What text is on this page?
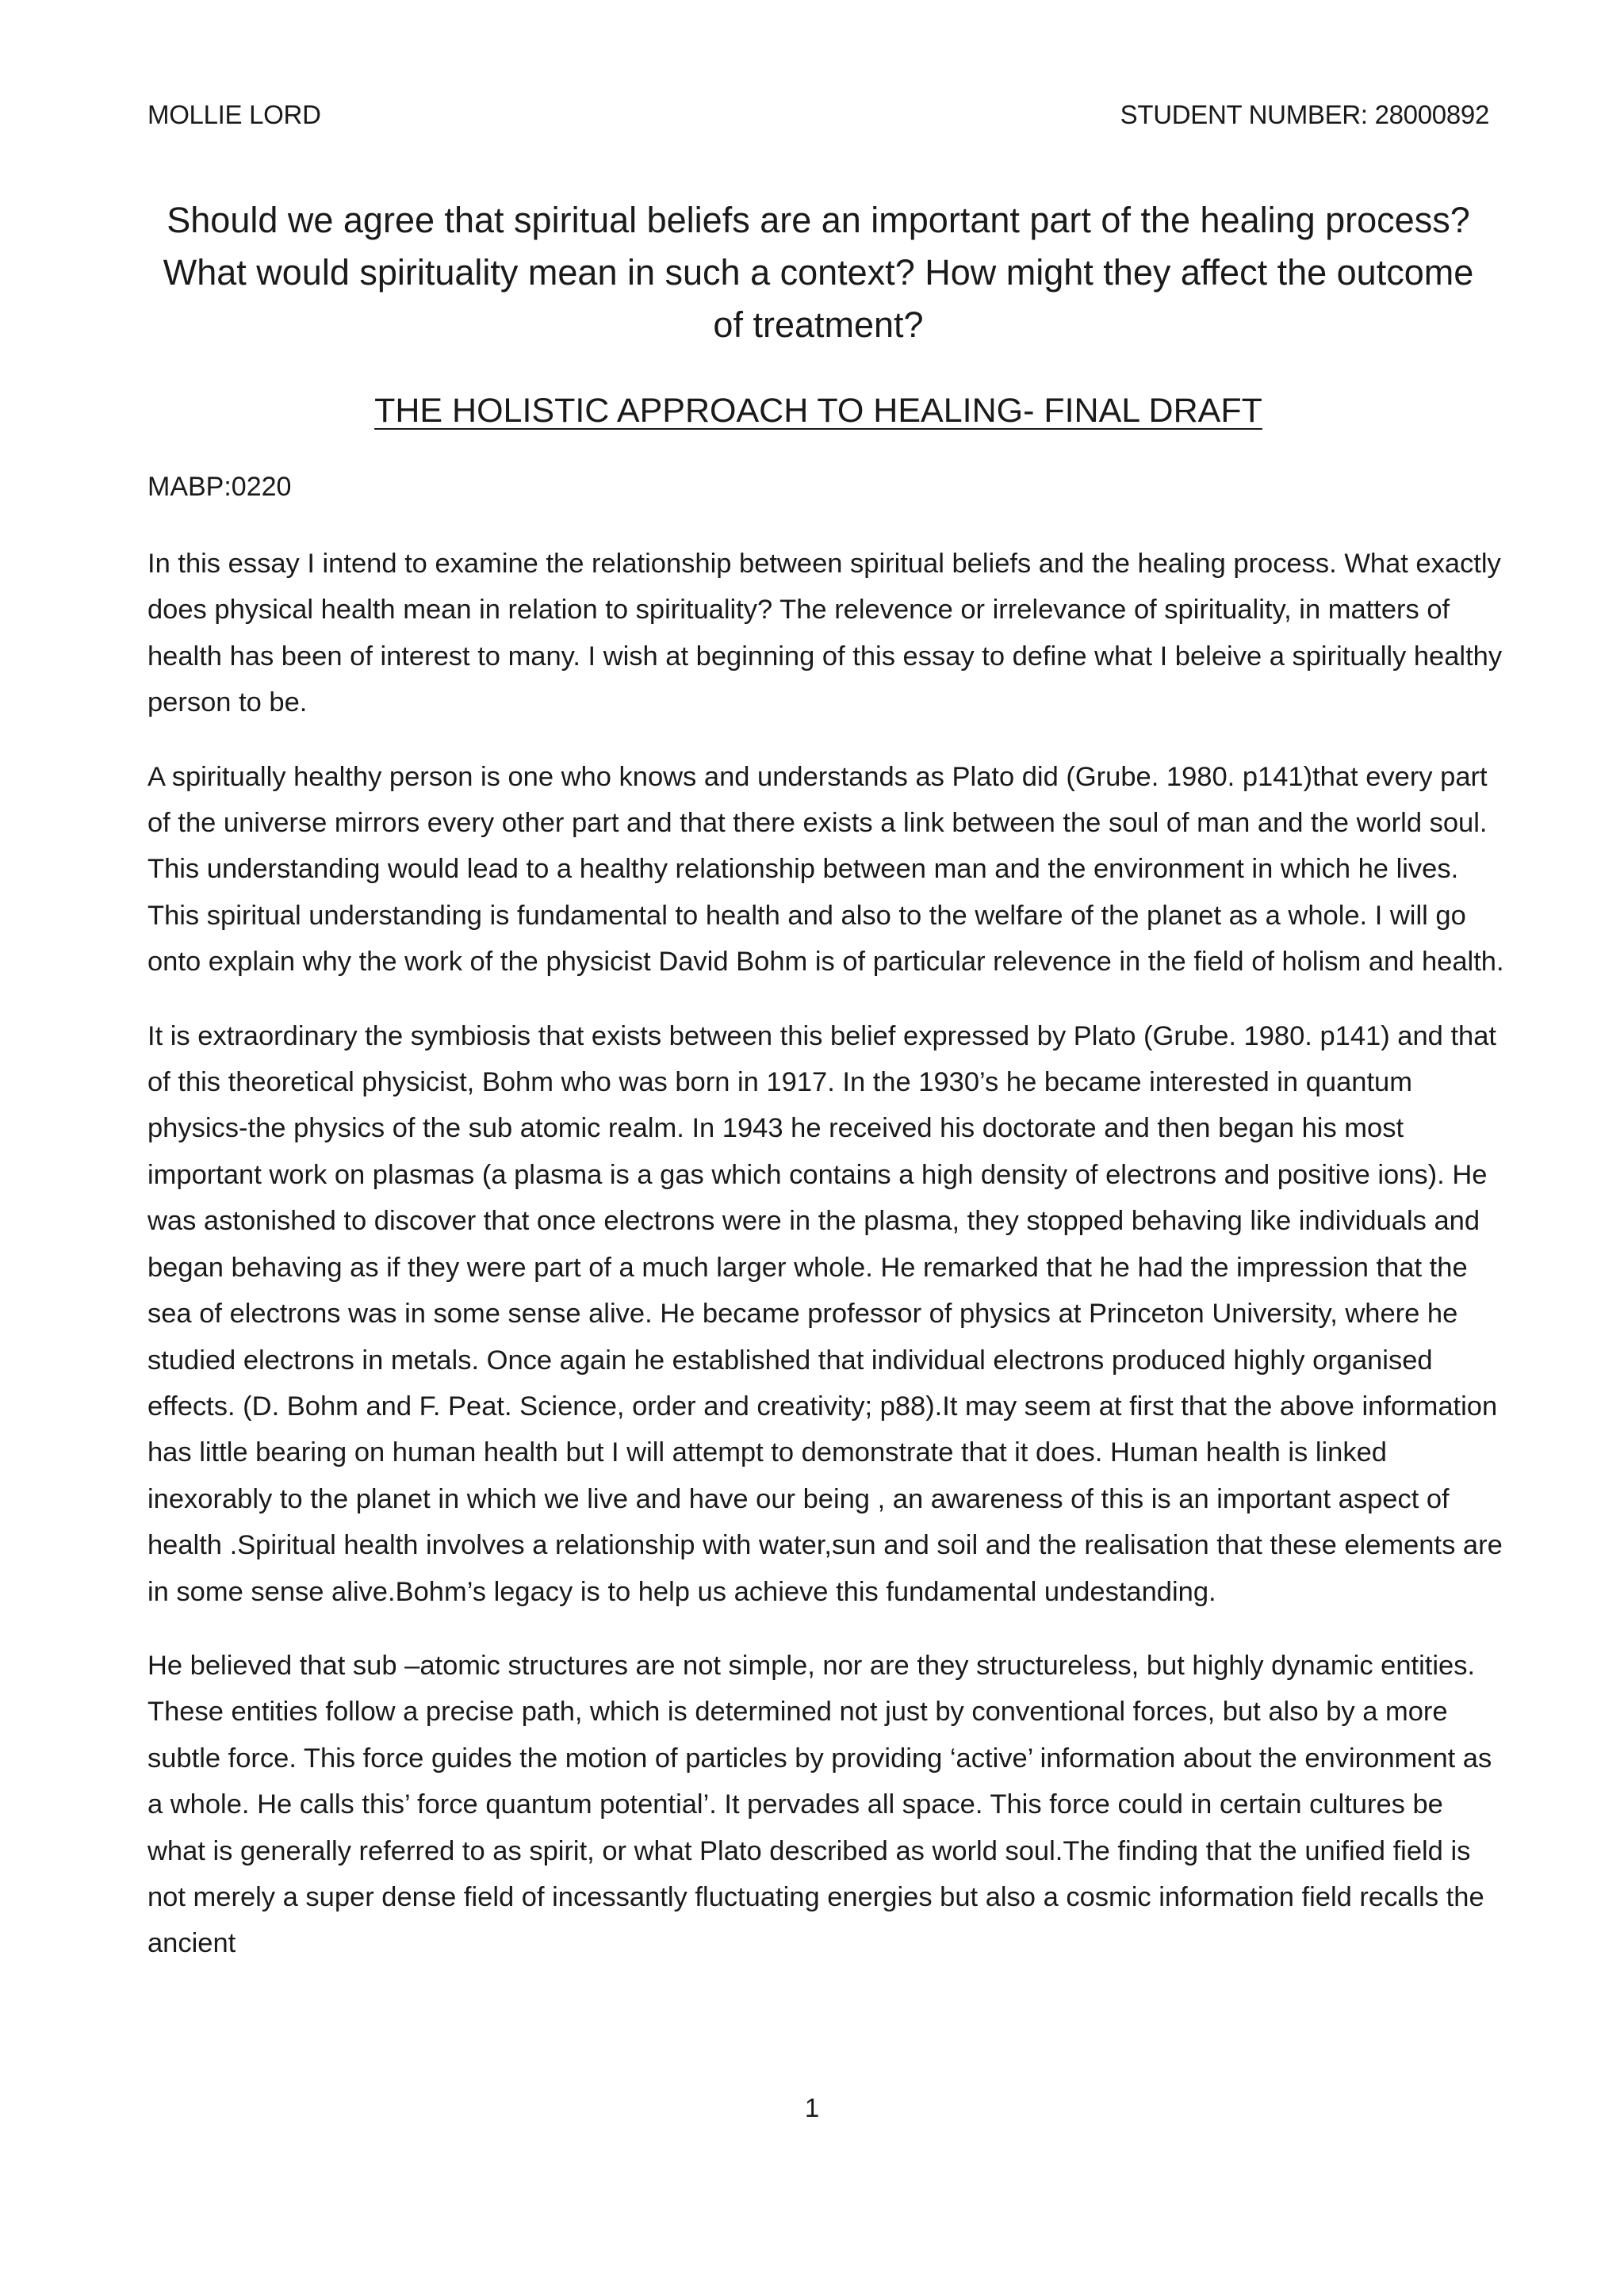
MOLLIE LORD	STUDENT NUMBER: 28000892
Should we agree that spiritual beliefs are an important part of the healing process? What would spirituality mean in such a context? How might they affect the outcome of treatment?
THE HOLISTIC APPROACH TO HEALING- FINAL DRAFT
MABP:0220

In this essay I intend to examine the relationship between spiritual beliefs and the healing process. What exactly does physical health mean in relation to spirituality? The relevence or irrelevance of spirituality, in matters of health has been of interest to many. I wish at beginning of this essay to define what I beleive a spiritually healthy person to be.

A spiritually healthy person is one who knows and understands as Plato did (Grube. 1980. p141)that every part of the universe mirrors every other part and that there exists a link between the soul of man and the world soul. This understanding would lead to a healthy relationship between man and the environment in which he lives. This spiritual understanding is fundamental to health and also to the welfare of the planet as a whole. I will go onto explain why the work of the physicist David Bohm is of particular relevence in the field of holism and health.

It is extraordinary the symbiosis that exists between this belief expressed by Plato (Grube. 1980. p141) and that of this theoretical physicist, Bohm who was born in 1917. In the 1930’s he became interested in quantum physics-the physics of the sub atomic realm. In 1943 he received his doctorate and then began his most important work on plasmas (a plasma is a gas which contains a high density of electrons and positive ions). He was astonished to discover that once electrons were in the plasma, they stopped behaving like individuals and began behaving as if they were part of a much larger whole. He remarked that he had the impression that the sea of electrons was in some sense alive. He became professor of physics at Princeton University, where he studied electrons in metals. Once again he established that individual electrons produced highly organised effects. (D. Bohm and F. Peat. Science, order and creativity; p88).It may seem at first that the above information has little bearing on human health but I will attempt to demonstrate that it does. Human health is linked inexorably to the planet in which we live and have our being , an awareness of this is an important aspect of health .Spiritual health involves a relationship with water,sun and soil and the realisation that these elements are in some sense alive.Bohm’s legacy is to help us achieve this fundamental undestanding.

He believed that sub –atomic structures are not simple, nor are they structureless, but highly dynamic entities. These entities follow a precise path, which is determined not just by conventional forces, but also by a more subtle force. This force guides the motion of particles by providing ‘active’ information about the environment as a whole. He calls this’ force quantum potential’. It pervades all space. This force could in certain cultures be what is generally referred to as spirit, or what Plato described as world soul.The finding that the unified field is not merely a super dense field of incessantly fluctuating energies but also a cosmic information field recalls the ancient

1
